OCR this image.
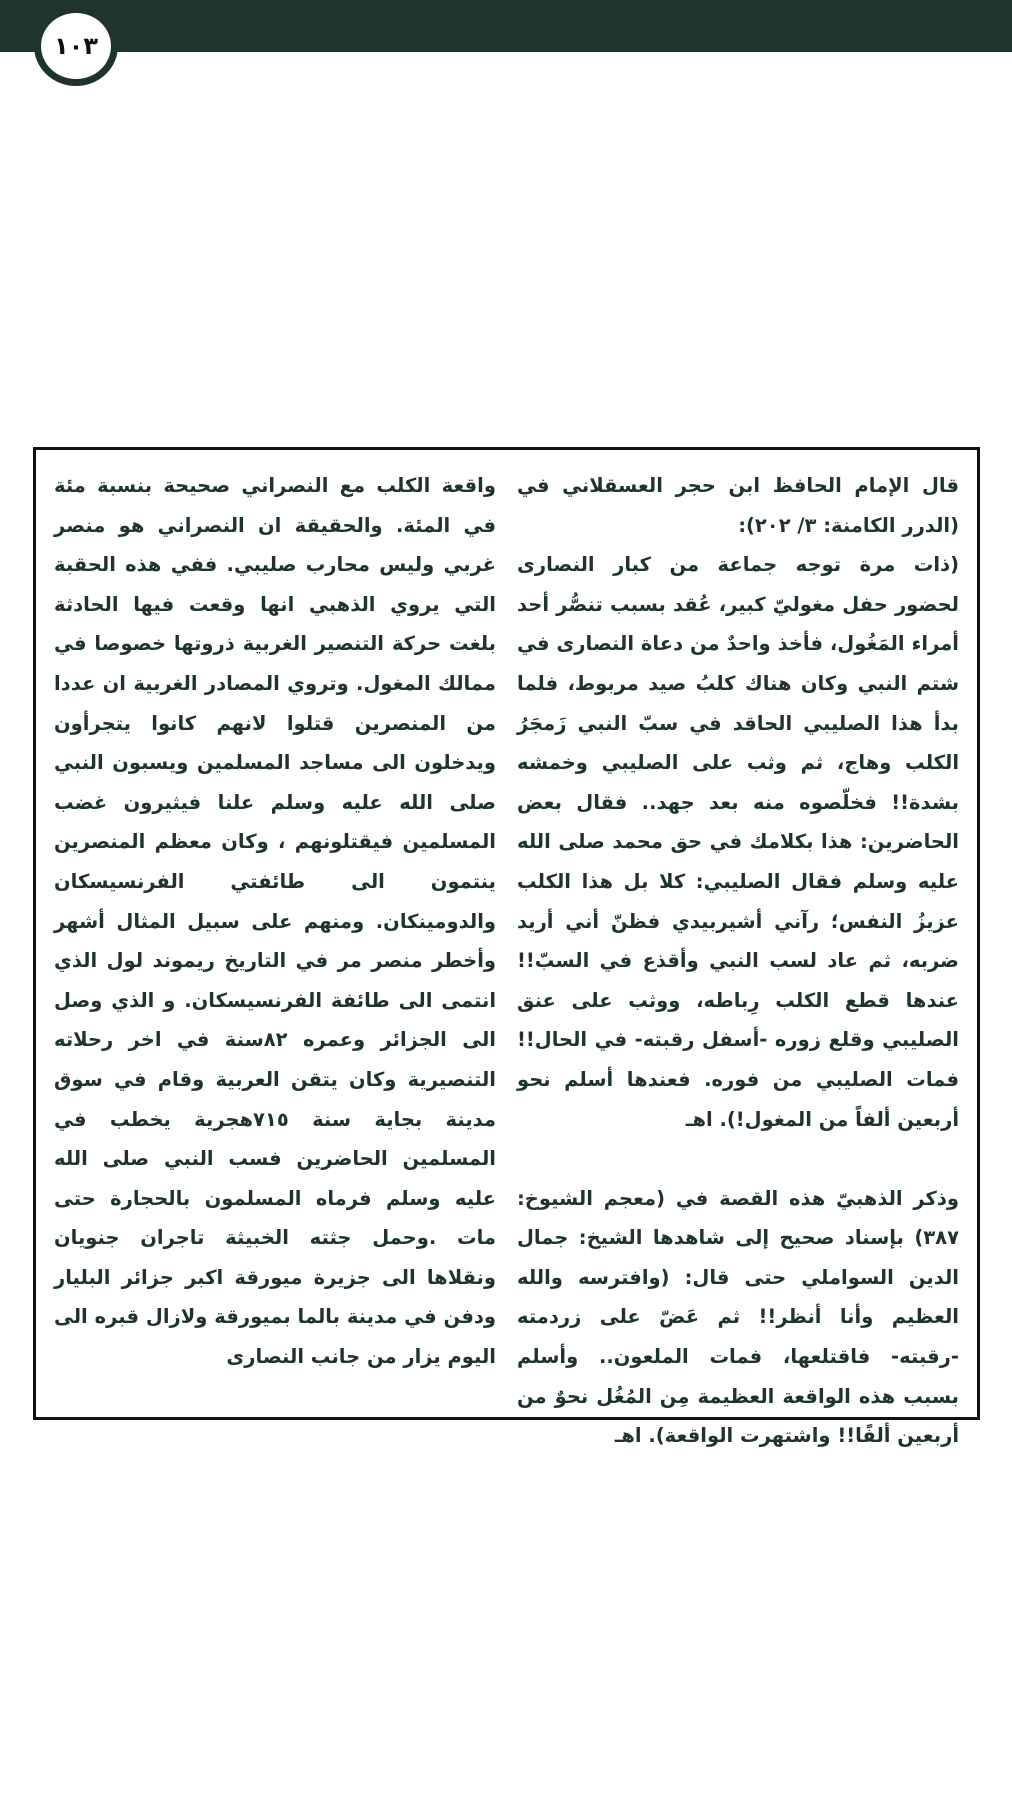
١٠٣

قال الإمام الحافظ ابن حجر العسقلاني في (الدرر الكامنة: ٣/ ٢٠٢):

(ذات مرة توجه جماعة من كبار النصارى لحضور حفل مغوليّ كبير، عُقد بسبب تنصُّر أحد أمراء المَغُول، فأخذ واحدٌ من دعاة النصارى في شتم النبي وكان هناك كلبُ صيد مربوط، فلما بدأ هذا الصليبي الحاقد في سبّ النبي زَمجَرُ الكلب وهاج، ثم وثب على الصليبي وخمشه بشدة!! فخلّصوه منه بعد جهد.. فقال بعض الحاضرين: هذا بكلامك في حق محمد صلى الله عليه وسلم فقال الصليبي: كلا بل هذا الكلب عزيزُ النفس؛ رآني أشيربيدي فظنّ أني أريد ضربه، ثم عاد لسب النبي وأقذع في السبّ!! عندها قطع الكلب رِباطه، ووثب على عنق الصليبي وقلع زوره -أسفل رقبته- في الحال!! فمات الصليبي من فوره. فعندها أسلم نحو أربعين ألفاً من المغول!). اهـ

وذكر الذهبيّ هذه القصة في (معجم الشيوخ: ٣٨٧) بإسناد صحيح إلى شاهدها الشيخ: جمال الدين السواملي حتى قال: (وافترسه والله العظيم وأنا أنظر!! ثم عَضّ على زردمته -رقبته- فاقتلعها، فمات الملعون.. وأسلم بسبب هذه الواقعة العظيمة مِن المُغُل نحوٌ من أربعين ألفًا!! واشتهرت الواقعة). اهـ

واقعة الكلب مع النصراني صحيحة بنسبة مئة في المئة. والحقيقة ان النصراني هو منصر غربي وليس محارب صليبي. ففي هذه الحقبة التي يروي الذهبي انها وقعت فيها الحادثة بلغت حركة التنصير الغربية ذروتها خصوصا في ممالك المغول. وتروي المصادر الغربية ان عددا من المنصرين قتلوا لانهم كانوا يتجرأون ويدخلون الى مساجد المسلمين ويسبون النبي صلى الله عليه وسلم علنا فيثيرون غضب المسلمين فيقتلونهم ، وكان معظم المنصرين ينتمون الى طائفتي الفرنسيسكان والدومينكان. ومنهم على سبيل المثال أشهر وأخطر منصر مر في التاريخ ريموند لول الذي انتمى الى طائفة الفرنسيسكان. و الذي وصل الى الجزائر وعمره ٨٢سنة في اخر رحلاته التنصيرية وكان يتقن العربية وقام في سوق مدينة بجاية سنة ٧١٥هجرية يخطب في المسلمين الحاضرين فسب النبي صلى الله عليه وسلم فرماه المسلمون بالحجارة حتى مات .وحمل جثته الخبيثة تاجران جنويان ونقلاها الى جزيرة ميورقة اكبر جزائر البليار ودفن في مدينة بالما بميورقة ولازال قبره الى اليوم يزار من جانب النصارى
